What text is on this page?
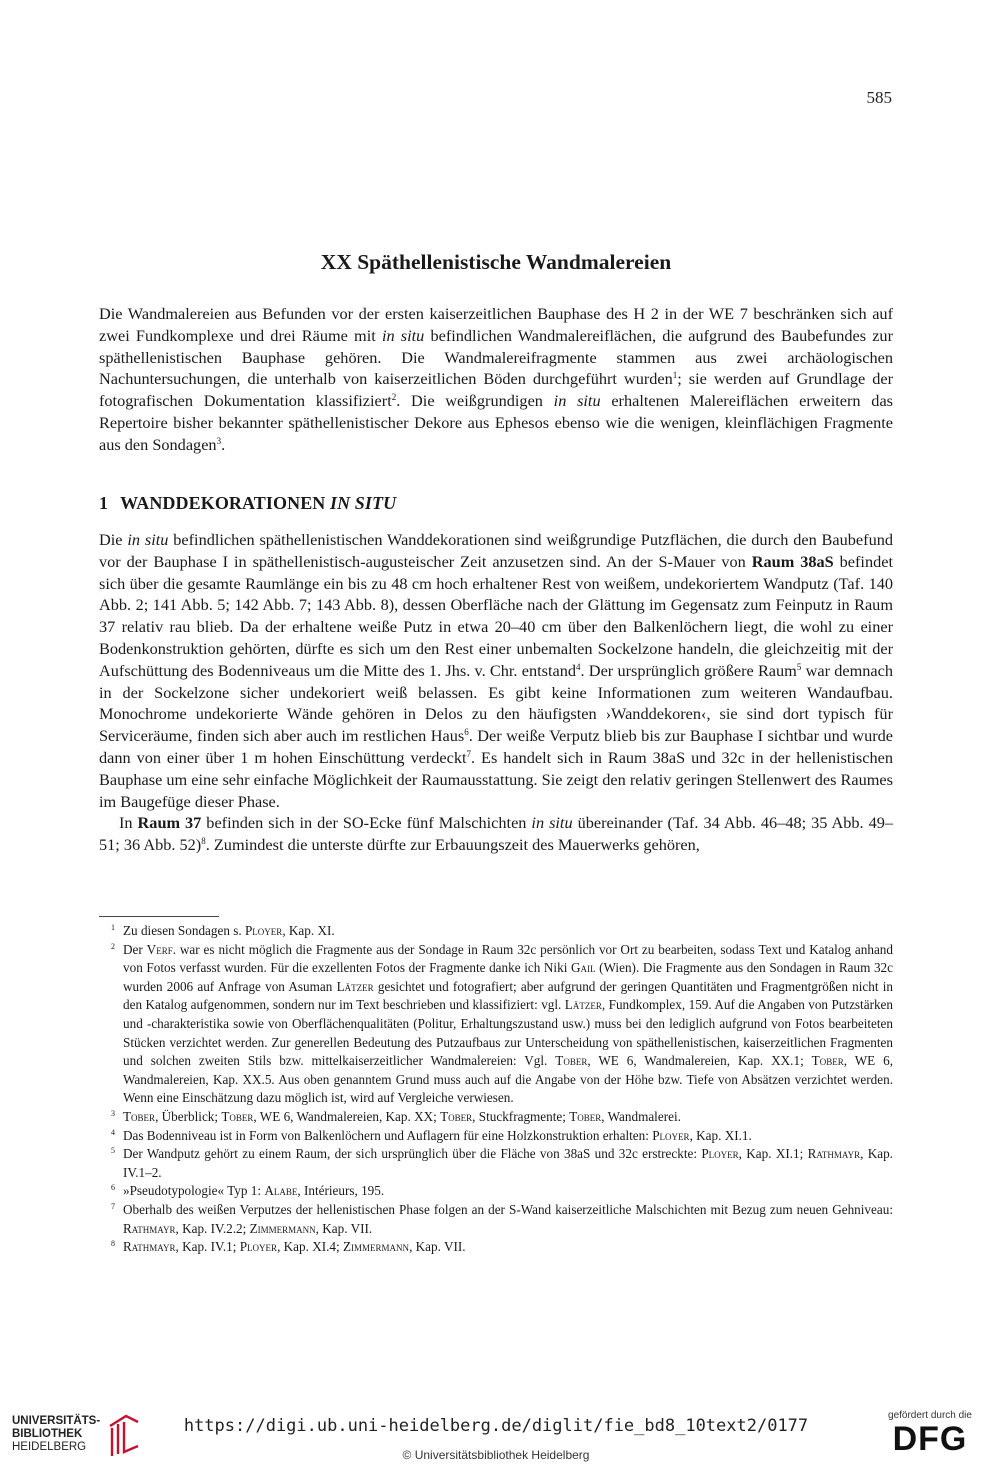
585
XX Späthellenistische Wandmalereien

Die Wandmalereien aus Befunden vor der ersten kaiserzeitlichen Bauphase des H 2 in der WE 7 beschränken sich auf zwei Fundkomplexe und drei Räume mit in situ befindlichen Wandmalereiflächen, die aufgrund des Baubefundes zur späthellenistischen Bauphase gehören. Die Wandmalereifragmente stammen aus zwei archäologischen Nachuntersuchungen, die unterhalb von kaiserzeitlichen Böden durchgeführt wurden$^1$; sie werden auf Grundlage der fotografischen Dokumentation klassifiziert$^2$. Die weißgrundigen in situ erhaltenen Malereiflächen erweitern das Repertoire bisher bekannter späthellenistischer Dekore aus Ephesos ebenso wie die wenigen, kleinflächigen Fragmente aus den Sondagen$^3$.

1 WANDDEKORATIONEN IN SITU

Die in situ befindlichen späthellenistischen Wanddekorationen sind weißgrundige Putzflächen, die durch den Baubefund vor der Bauphase I in späthellenistisch-augusteischer Zeit anzusetzen sind. An der S-Mauer von Raum 38aS befindet sich über die gesamte Raumlänge ein bis zu 48 cm hoch erhaltener Rest von weißem, undekoriertem Wandputz (Taf. 140 Abb. 2; 141 Abb. 5; 142 Abb. 7; 143 Abb. 8), dessen Oberfläche nach der Glättung im Gegensatz zum Feinputz in Raum 37 relativ rau blieb. Da der erhaltene weiße Putz in etwa 20–40 cm über den Balkenlöchern liegt, die wohl zu einer Bodenkonstruktion gehörten, dürfte es sich um den Rest einer unbemalten Sockelzone handeln, die gleichzeitig mit der Aufschüttung des Bodenniveaus um die Mitte des 1. Jhs. v. Chr. entstand$^4$. Der ursprünglich größere Raum$^5$ war demnach in der Sockelzone sicher undekoriert weiß belassen. Es gibt keine Informationen zum weiteren Wandaufbau. Monochrome undekorierte Wände gehören in Delos zu den häufigsten ›Wanddekoren‹, sie sind dort typisch für Serviceräume, finden sich aber auch im restlichen Haus$^6$. Der weiße Verputz blieb bis zur Bauphase I sichtbar und wurde dann von einer über 1 m hohen Einschüttung verdeckt$^7$. Es handelt sich in Raum 38aS und 32c in der hellenistischen Bauphase um eine sehr einfache Möglichkeit der Raumausstattung. Sie zeigt den relativ geringen Stellenwert des Raumes im Baugefüge dieser Phase.

In Raum 37 befinden sich in der SO-Ecke fünf Malschichten in situ übereinander (Taf. 34 Abb. 46–48; 35 Abb. 49–51; 36 Abb. 52)$^8$. Zumindest die unterste dürfte zur Erbauungszeit des Mauerwerks gehören,

1 Zu diesen Sondagen s. Ployer, Kap. XI.
2 Der Verf. war es nicht möglich die Fragmente aus der Sondage in Raum 32c persönlich vor Ort zu bearbeiten, sodass Text und Katalog anhand von Fotos verfasst wurden. Für die exzellenten Fotos der Fragmente danke ich Niki Gail (Wien). Die Fragmente aus den Sondagen in Raum 32c wurden 2006 auf Anfrage von Asuman Lätzer gesichtet und fotografiert; aber aufgrund der geringen Quantitäten und Fragmentgrößen nicht in den Katalog aufgenommen, sondern nur im Text beschrieben und klassifiziert: vgl. Lätzer, Fundkomplex, 159. Auf die Angaben von Putzstärken und -charakteristika sowie von Oberflächenqualitäten (Politur, Erhaltungszustand usw.) muss bei den lediglich aufgrund von Fotos bearbeiteten Stücken verzichtet werden. Zur generellen Bedeutung des Putzaufbaus zur Unterscheidung von späthellenistischen, kaiserzeitlichen Fragmenten und solchen zweiten Stils bzw. mittelkaiserzeitlicher Wandmalereien: Vgl. Tober, WE 6, Wandmalereien, Kap. XX.1; Tober, WE 6, Wandmalereien, Kap. XX.5. Aus oben genanntem Grund muss auch auf die Angabe von der Höhe bzw. Tiefe von Absätzen verzichtet werden. Wenn eine Einschätzung dazu möglich ist, wird auf Vergleiche verwiesen.
3 Tober, Überblick; Tober, WE 6, Wandmalereien, Kap. XX; Tober, Stuckfragmente; Tober, Wandmalerei.
4 Das Bodenniveau ist in Form von Balkenlöchern und Auflagern für eine Holzkonstruktion erhalten: Ployer, Kap. XI.1.
5 Der Wandputz gehört zu einem Raum, der sich ursprünglich über die Fläche von 38aS und 32c erstreckte: Ployer, Kap. XI.1; Rathmayr, Kap. IV.1–2.
6 »Pseudotypologie« Typ 1: Alabe, Intérieurs, 195.
7 Oberhalb des weißen Verputzes der hellenistischen Phase folgen an der S-Wand kaiserzeitliche Malschichten mit Bezug zum neuen Gehniveau: Rathmayr, Kap. IV.2.2; Zimmermann, Kap. VII.
8 Rathmayr, Kap. IV.1; Ployer, Kap. XI.4; Zimmermann, Kap. VII.
UNIVERSITÄTS-
BIBLIOTHEK
HEIDELBERG
https://digi.ub.uni-heidelberg.de/diglit/fie_bd8_10text2/0177
© Universitätsbibliothek Heidelberg
gefördert durch die
DFG
